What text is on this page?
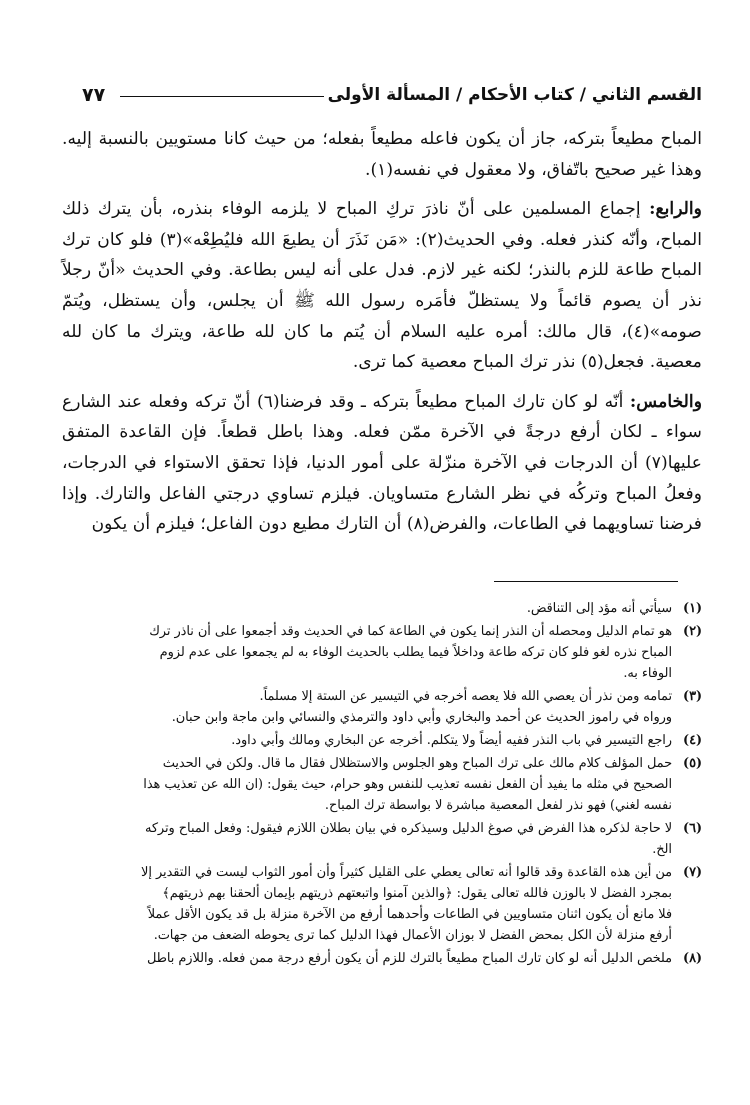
٧٧	القسم الثاني / كتاب الأحكام / المسألة الأولى

المباح مطيعاً بتركه، جاز أن يكون فاعله مطيعاً بفعله؛ من حيث كانا مستويين بالنسبة إليه. وهذا غير صحيح باتّفاق، ولا معقول في نفسه(١).

والرابع: إجماع المسلمين على أنّ ناذرَ تركِ المباح لا يلزمه الوفاء بنذره، بأن يترك ذلك المباح، وأنّه كنذر فعله. وفي الحديث(٢): «مَن نَذَرَ أن يطيعَ الله فليُطِعْه»(٣) فلو كان ترك المباح طاعة للزم بالنذر؛ لكنه غير لازم. فدل على أنه ليس بطاعة. وفي الحديث «أنّ رجلاً نذر أن يصوم قائماً ولا يستظلّ فأمَره رسول الله ﷺ أن يجلس، وأن يستظل، ويُتمّ صومه»(٤)، قال مالك: أمره عليه السلام أن يُتم ما كان لله طاعة، ويترك ما كان لله معصية. فجعل(٥) نذر ترك المباح معصية كما ترى.

والخامس: أنّه لو كان تارك المباح مطيعاً بتركه ـ وقد فرضنا(٦) أنّ تركه وفعله عند الشارع سواء ـ لكان أرفع درجةً في الآخرة ممّن فعله. وهذا باطل قطعاً. فإن القاعدة المتفق عليها(٧) أن الدرجات في الآخرة منزّلة على أمور الدنيا، فإذا تحقق الاستواء في الدرجات، وفعلُ المباح وتركُه في نظر الشارع متساويان. فيلزم تساوي درجتي الفاعل والتارك. وإذا فرضنا تساويهما في الطاعات، والفرض(٨) أن التارك مطيع دون الفاعل؛ فيلزم أن يكون

(١)
سيأتي أنه مؤد إلى التناقض.
(٢)
هو تمام الدليل ومحصله أن النذر إنما يكون في الطاعة كما في الحديث وقد أجمعوا على أن ناذر ترك
المباح نذره لغو فلو كان تركه طاعة وداخلاً فيما يطلب بالحديث الوفاء به لم يجمعوا على عدم لزوم
الوفاء به.
(٣)
تمامه ومن نذر أن يعصي الله فلا يعصه أخرجه في التيسير عن الستة إلا مسلماً.
ورواه في راموز الحديث عن أحمد والبخاري وأبي داود والترمذي والنسائي وابن ماجة وابن حبان.
(٤)
راجع التيسير في باب النذر ففيه أيضاً ولا يتكلم. أخرجه عن البخاري ومالك وأبي داود.
(٥)
حمل المؤلف كلام مالك على ترك المباح وهو الجلوس والاستظلال فقال ما قال. ولكن في الحديث
الصحيح في مثله ما يفيد أن الفعل نفسه تعذيب للنفس وهو حرام، حيث يقول: (ان الله عن تعذيب هذا
نفسه لغني) فهو نذر لفعل المعصية مباشرة لا بواسطة ترك المباح.
(٦)
لا حاجة لذكره هذا الفرض في صوغ الدليل وسيذكره في بيان بطلان اللازم فيقول: وفعل المباح وتركه
الخ.
(٧)
من أين هذه القاعدة وقد قالوا أنه تعالى يعطي على القليل كثيراً وأن أمور الثواب ليست في التقدير إلا
بمجرد الفضل لا بالوزن فالله تعالى يقول: ﴿والذين آمنوا واتبعتهم ذريتهم بإيمان ألحقنا بهم ذريتهم﴾
فلا مانع أن يكون اثنان متساويين في الطاعات وأحدهما أرفع من الآخرة منزلة بل قد يكون الأقل عملاً
أرفع منزلة لأن الكل بمحض الفضل لا بوزان الأعمال فهذا الدليل كما ترى يحوطه الضعف من جهات.
(٨)
ملخص الدليل أنه لو كان تارك المباح مطيعاً بالترك للزم أن يكون أرفع درجة ممن فعله. واللازم باطل
